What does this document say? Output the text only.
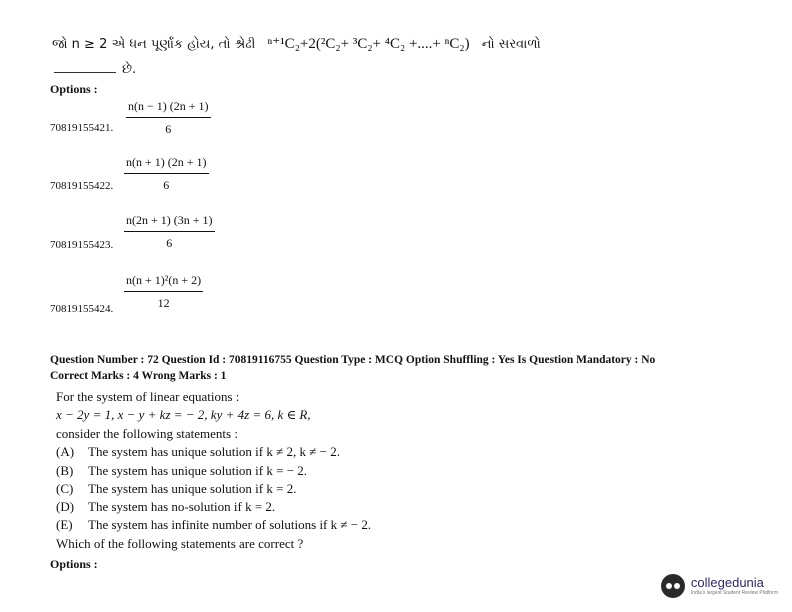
જો n ≥ 2 એ ધન પૂર્ણાંક હોય, તો શ્રેઢી ⁿ⁺¹C₂+2(²C₂+ ³C₂+ ⁴C₂ +....+ ⁿC₂) નો સરવાળો
છે.
Options :
70819155421. $\frac{n(n - 1) (2n + 1)}{6}$
70819155422. $\frac{n(n + 1) (2n + 1)}{6}$
70819155423. $\frac{n(2n + 1) (3n + 1)}{6}$
70819155424. $\frac{\text{n(n + 1)²(n + 2)}}{12}$
Question Number : 72 Question Id : 70819116755 Question Type : MCQ Option Shuffling : Yes Is Question Mandatory : No
Correct Marks : 4 Wrong Marks : 1
For the system of linear equations :
x − 2y = 1, x − y + kz = − 2, ky + 4z = 6, k ∈ R,
consider the following statements :
(A) The system has unique solution if k ≠ 2, k ≠ − 2.
(B) The system has unique solution if k = − 2.
(C) The system has unique solution if k = 2.
(D) The system has no-solution if k = 2.
(E) The system has infinite number of solutions if k ≠ − 2.
Which of the following statements are correct ?
Options :
collegedunia
India's largest Student Review Platform
